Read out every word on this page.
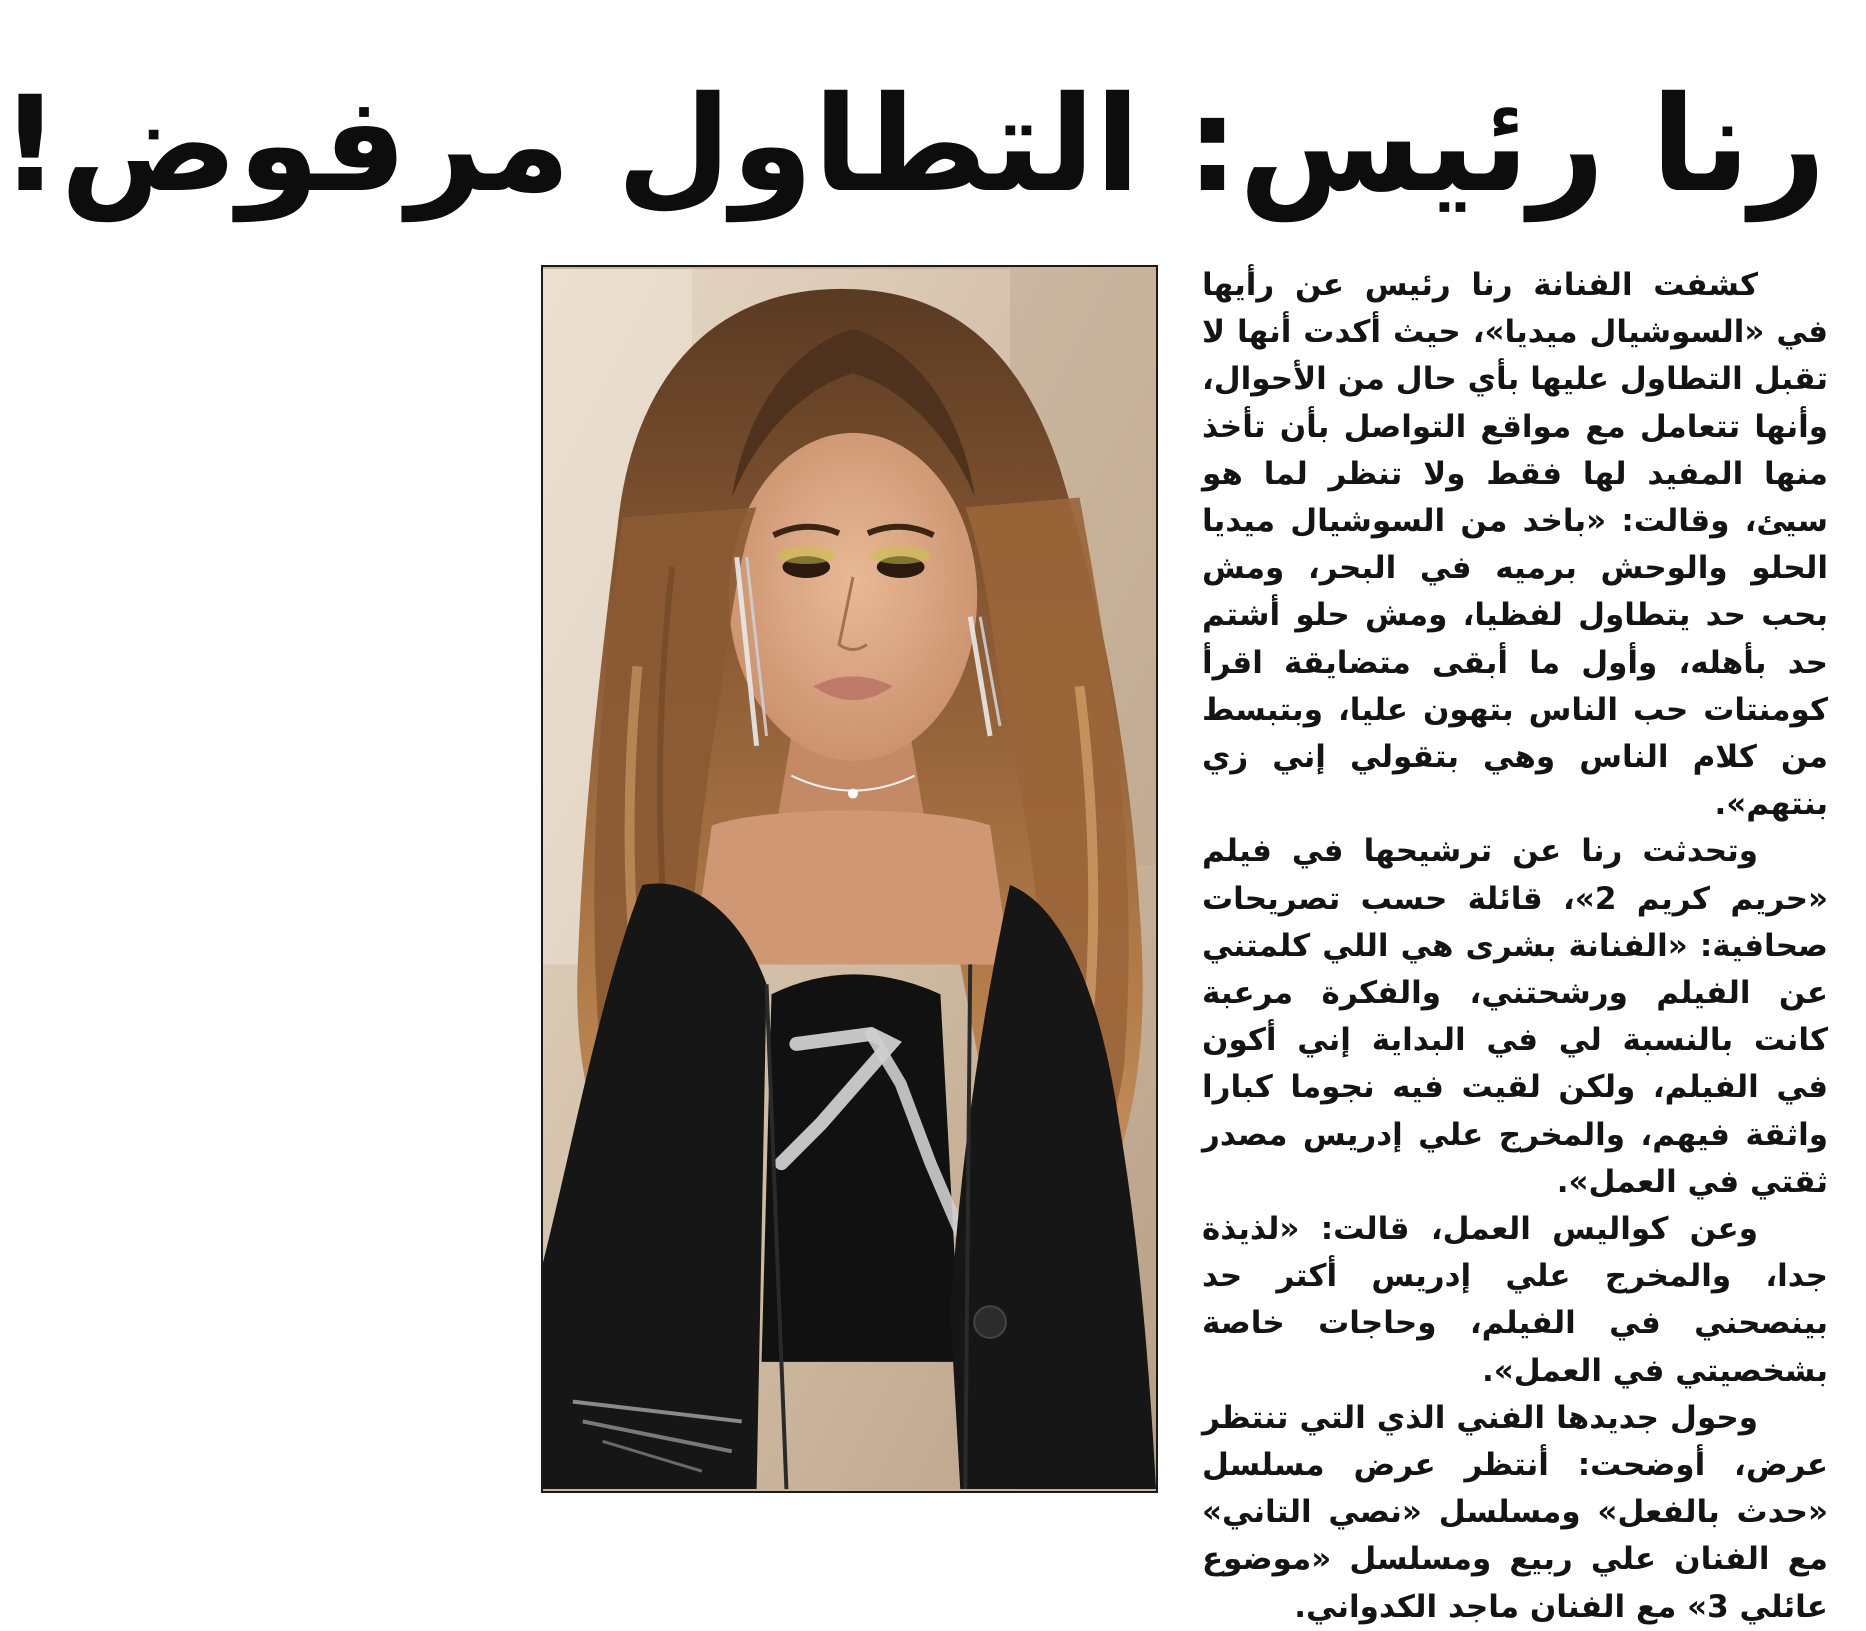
رنا رئيس: التطاول مرفوض!

كشفت الفنانة رنا رئيس عن رأيها في «السوشيال ميديا»، حيث أكدت أنها لا تقبل التطاول عليها بأي حال من الأحوال، وأنها تتعامل مع مواقع التواصل بأن تأخذ منها المفيد لها فقط ولا تنظر لما هو سيئ، وقالت: «باخد من السوشيال ميديا الحلو والوحش برميه في البحر، ومش بحب حد يتطاول لفظيا، ومش حلو أشتم حد بأهله، وأول ما أبقى متضايقة اقرأ كومنتات حب الناس بتهون عليا، وبتبسط من كلام الناس وهي بتقولي إني زي بنتهم».

وتحدثت رنا عن ترشيحها في فيلم «حريم كريم 2»، قائلة حسب تصريحات صحافية: «الفنانة بشرى هي اللي كلمتني عن الفيلم ورشحتني، والفكرة مرعبة كانت بالنسبة لي في البداية إني أكون في الفيلم، ولكن لقيت فيه نجوما كبارا واثقة فيهم، والمخرج علي إدريس مصدر ثقتي في العمل».

وعن كواليس العمل، قالت: «لذيذة جدا، والمخرج علي إدريس أكتر حد بينصحني في الفيلم، وحاجات خاصة بشخصيتي في العمل».

وحول جديدها الفني الذي التي تنتظر عرض، أوضحت: أنتظر عرض مسلسل «حدث بالفعل» ومسلسل «نصي التاني» مع الفنان علي ربيع ومسلسل «موضوع عائلي 3» مع الفنان ماجد الكدواني.
